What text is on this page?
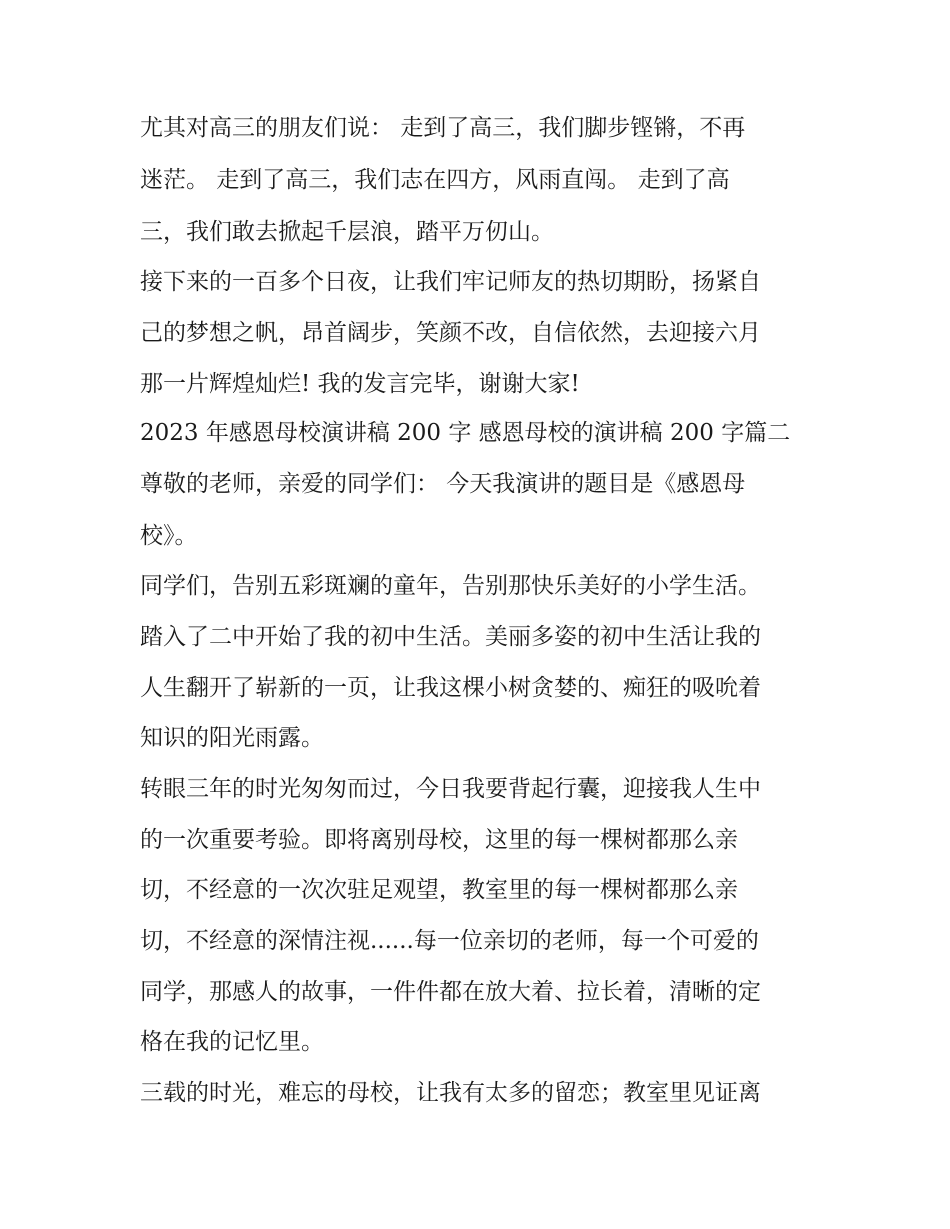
尤其对高三的朋友们说： 走到了高三，我们脚步铿锵，不再
迷茫。 走到了高三，我们志在四方，风雨直闯。 走到了高
三，我们敢去掀起千层浪，踏平万仞山。
接下来的一百多个日夜，让我们牢记师友的热切期盼，扬紧自
己的梦想之帆，昂首阔步，笑颜不改，自信依然，去迎接六月
那一片辉煌灿烂! 我的发言完毕，谢谢大家!
2023 年感恩母校演讲稿 200 字 感恩母校的演讲稿 200 字篇二
尊敬的老师，亲爱的同学们： 今天我演讲的题目是《感恩母
校》。
同学们，告别五彩斑斓的童年，告别那快乐美好的小学生活。
踏入了二中开始了我的初中生活。美丽多姿的初中生活让我的
人生翻开了崭新的一页，让我这棵小树贪婪的、痴狂的吸吮着
知识的阳光雨露。
转眼三年的时光匆匆而过，今日我要背起行囊，迎接我人生中
的一次重要考验。即将离别母校，这里的每一棵树都那么亲
切，不经意的一次次驻足观望，教室里的每一棵树都那么亲
切，不经意的深情注视......每一位亲切的老师，每一个可爱的
同学，那感人的故事，一件件都在放大着、拉长着，清晰的定
格在我的记忆里。
三载的时光，难忘的母校，让我有太多的留恋；教室里见证离
